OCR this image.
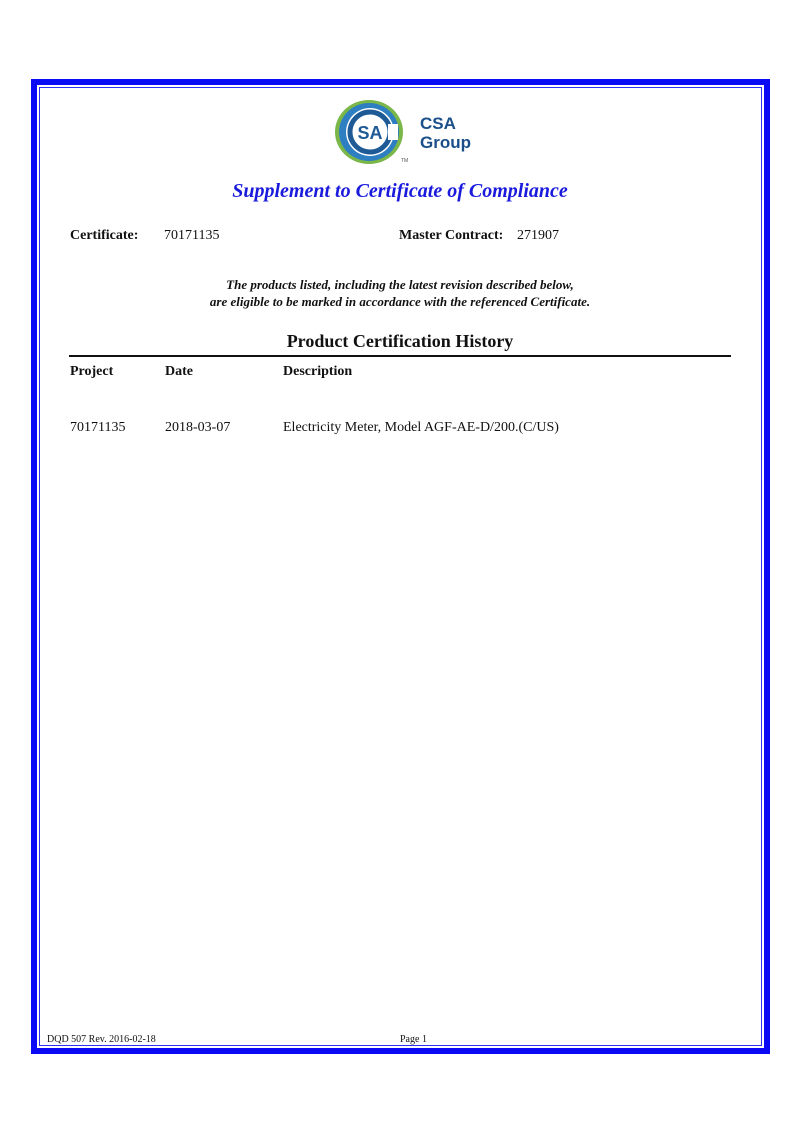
SA
TM
CSA
Group
Supplement to Certificate of Compliance
Certificate: 70171135	Master Contract: 271907
The products listed, including the latest revision described below,
are eligible to be marked in accordance with the referenced Certificate.
Product Certification History
Project	Date	Description
70171135	2018-03-07	Electricity Meter, Model AGF-AE-D/200.(C/US)
DQD 507 Rev. 2016-02-18	Page 1
